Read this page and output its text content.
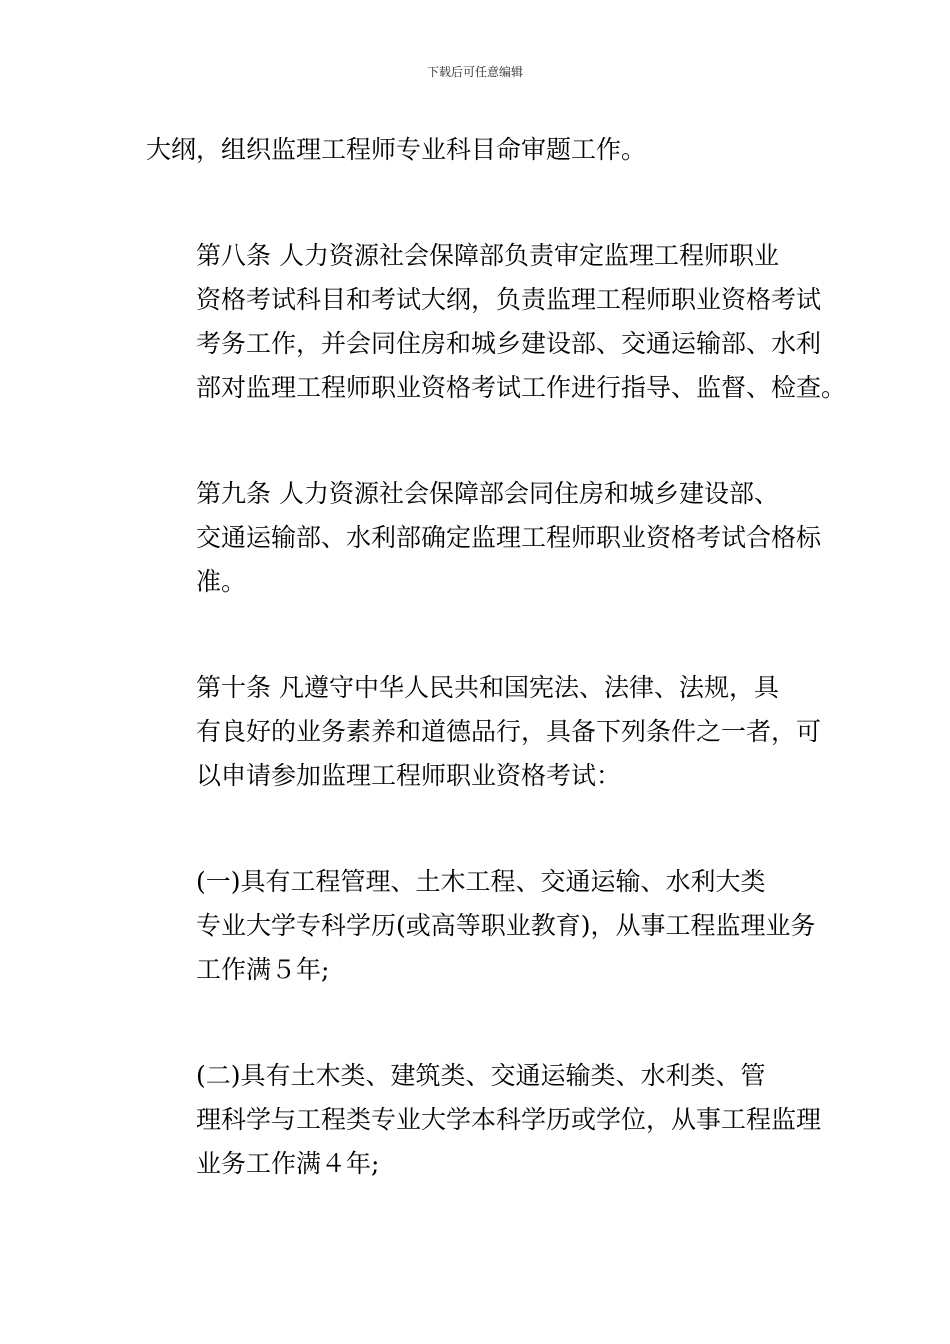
下载后可任意编辑

大纲，组织监理工程师专业科目命审题工作。

第八条 人力资源社会保障部负责审定监理工程师职业
资格考试科目和考试大纲，负责监理工程师职业资格考试
考务工作，并会同住房和城乡建设部、交通运输部、水利
部对监理工程师职业资格考试工作进行指导、监督、检查。

第九条 人力资源社会保障部会同住房和城乡建设部、
交通运输部、水利部确定监理工程师职业资格考试合格标
准。

第十条 凡遵守中华人民共和国宪法、法律、法规，具
有良好的业务素养和道德品行，具备下列条件之一者，可
以申请参加监理工程师职业资格考试：

(一)具有工程管理、土木工程、交通运输、水利大类
专业大学专科学历(或高等职业教育)，从事工程监理业务
工作满５年;

(二)具有土木类、建筑类、交通运输类、水利类、管
理科学与工程类专业大学本科学历或学位，从事工程监理
业务工作满４年;
